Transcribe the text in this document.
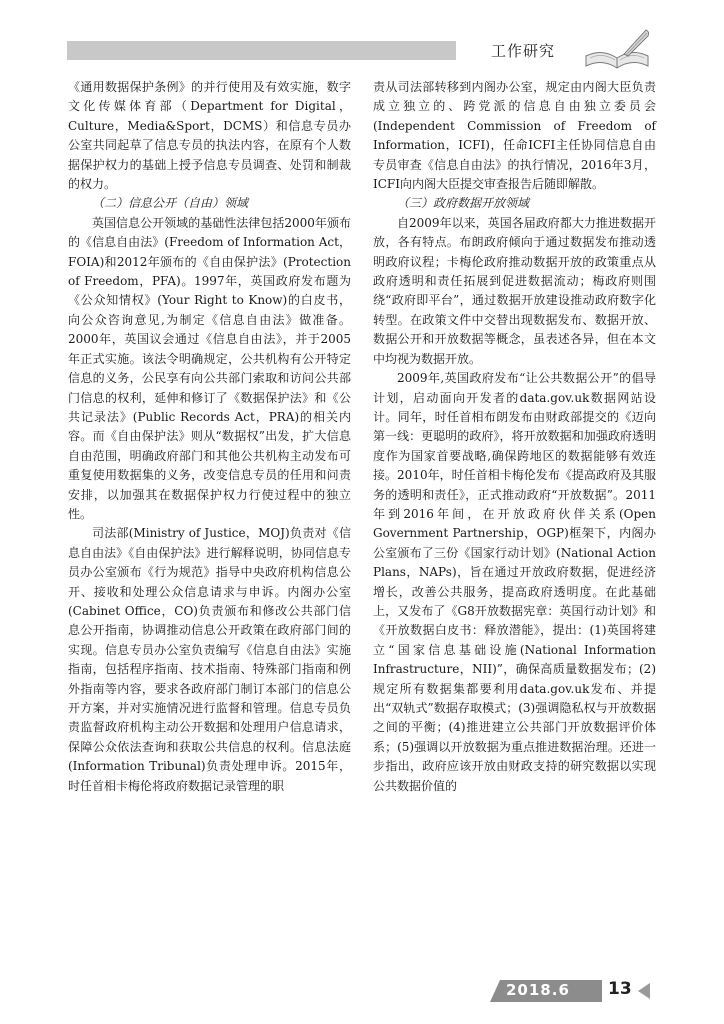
工作研究

《通用数据保护条例》的并行使用及有效实施，数字文化传媒体育部（Department for Digital，Culture，Media&Sport，DCMS）和信息专员办公室共同起草了信息专员的执法内容，在原有个人数据保护权力的基础上授予信息专员调查、处罚和制裁的权力。

（二）信息公开（自由）领域

英国信息公开领域的基础性法律包括2000年颁布的《信息自由法》(Freedom of Information Act，FOIA)和2012年颁布的《自由保护法》(Protection of Freedom，PFA)。1997年，英国政府发布题为《公众知情权》(Your Right to Know)的白皮书，向公众咨询意见,为制定《信息自由法》做准备。2000年，英国议会通过《信息自由法》，并于2005年正式实施。该法令明确规定，公共机构有公开特定信息的义务，公民享有向公共部门索取和访问公共部门信息的权利，延伸和修订了《数据保护法》和《公共记录法》(Public Records Act，PRA)的相关内容。而《自由保护法》则从“数据权”出发，扩大信息自由范围，明确政府部门和其他公共机构主动发布可重复使用数据集的义务，改变信息专员的任用和问责安排，以加强其在数据保护权力行使过程中的独立性。

司法部(Ministry of Justice，MOJ)负责对《信息自由法》《自由保护法》进行解释说明，协同信息专员办公室颁布《行为规范》指导中央政府机构信息公开、接收和处理公众信息请求与申诉。内阁办公室(Cabinet Office，CO)负责颁布和修改公共部门信息公开指南，协调推动信息公开政策在政府部门间的实现。信息专员办公室负责编写《信息自由法》实施指南，包括程序指南、技术指南、特殊部门指南和例外指南等内容，要求各政府部门制订本部门的信息公开方案，并对实施情况进行监督和管理。信息专员负责监督政府机构主动公开数据和处理用户信息请求，保障公众依法查询和获取公共信息的权利。信息法庭(Information Tribunal)负责处理申诉。2015年，时任首相卡梅伦将政府数据记录管理的职

责从司法部转移到内阁办公室，规定由内阁大臣负责成立独立的、跨党派的信息自由独立委员会(Independent Commission of Freedom of Information，ICFI)，任命ICFI主任协同信息自由专员审查《信息自由法》的执行情况，2016年3月，ICFI向内阁大臣提交审查报告后随即解散。

（三）政府数据开放领域

自2009年以来，英国各届政府都大力推进数据开放，各有特点。布朗政府倾向于通过数据发布推动透明政府议程；卡梅伦政府推动数据开放的政策重点从政府透明和责任拓展到促进数据流动；梅政府则围绕“政府即平台”，通过数据开放建设推动政府数字化转型。在政策文件中交替出现数据发布、数据开放、数据公开和开放数据等概念，虽表述各异，但在本文中均视为数据开放。

2009年,英国政府发布“让公共数据公开”的倡导计划，启动面向开发者的data.gov.uk数据网站设计。同年，时任首相布朗发布由财政部提交的《迈向第一线：更聪明的政府》，将开放数据和加强政府透明度作为国家首要战略,确保跨地区的数据能够有效连接。2010年，时任首相卡梅伦发布《提高政府及其服务的透明和责任》，正式推动政府“开放数据”。2011年到2016年间，在开放政府伙伴关系(Open Government Partnership，OGP)框架下，内阁办公室颁布了三份《国家行动计划》(National Action Plans，NAPs)，旨在通过开放政府数据，促进经济增长，改善公共服务，提高政府透明度。在此基础上，又发布了《G8开放数据宪章：英国行动计划》和《开放数据白皮书：释放潜能》，提出：(1)英国将建立“国家信息基础设施(National Information Infrastructure，NII)”，确保高质量数据发布；(2)规定所有数据集都要利用data.gov.uk发布、并提出“双轨式”数据存取模式；(3)强调隐私权与开放数据之间的平衡；(4)推进建立公共部门开放数据评价体系；(5)强调以开放数据为重点推进数据治理。还进一步指出，政府应该开放由财政支持的研究数据以实现公共数据价值的

2018.6 13
